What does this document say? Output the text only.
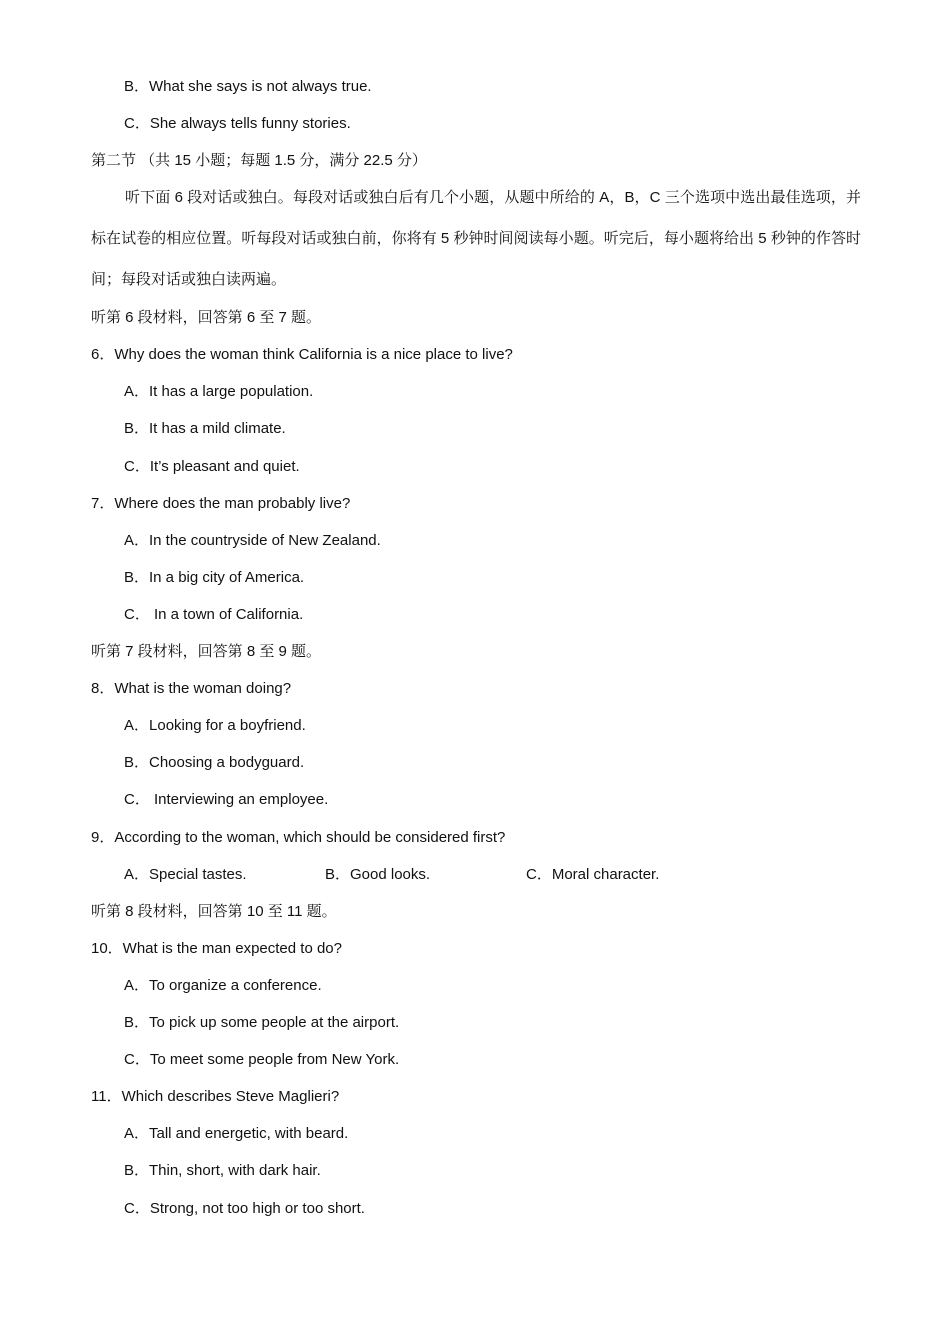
B．What she says is not always true.
C．She always tells funny stories.
第二节 （共 15 小题；每题 1.5 分，满分 22.5 分）
听下面 6 段对话或独白。每段对话或独白后有几个小题，从题中所给的 A，B，C 三个选项中选出最佳选项，并标在试卷的相应位置。听每段对话或独白前，你将有 5 秒钟时间阅读每小题。听完后，每小题将给出 5 秒钟的作答时间；每段对话或独白读两遍。
听第 6 段材料，回答第 6 至 7 题。
6．Why does the woman think California is a nice place to live?
A．It has a large population.
B．It has a mild climate.
C．It’s pleasant and quiet.
7．Where does the man probably live?
A．In the countryside of New Zealand.
B．In a big city of America.
C． In a town of California.
听第 7 段材料，回答第 8 至 9 题。
8．What is the woman doing?
A．Looking for a boyfriend.
B．Choosing a bodyguard.
C． Interviewing an employee.
9．According to the woman, which should be considered first?
A．Special tastes.	B．Good looks.	C．Moral character.
听第 8 段材料，回答第 10 至 11 题。
10．What is the man expected to do?
A．To organize a conference.
B．To pick up some people at the airport.
C．To meet some people from New York.
11．Which describes Steve Maglieri?
A．Tall and energetic, with beard.
B．Thin, short, with dark hair.
C．Strong, not too high or too short.
